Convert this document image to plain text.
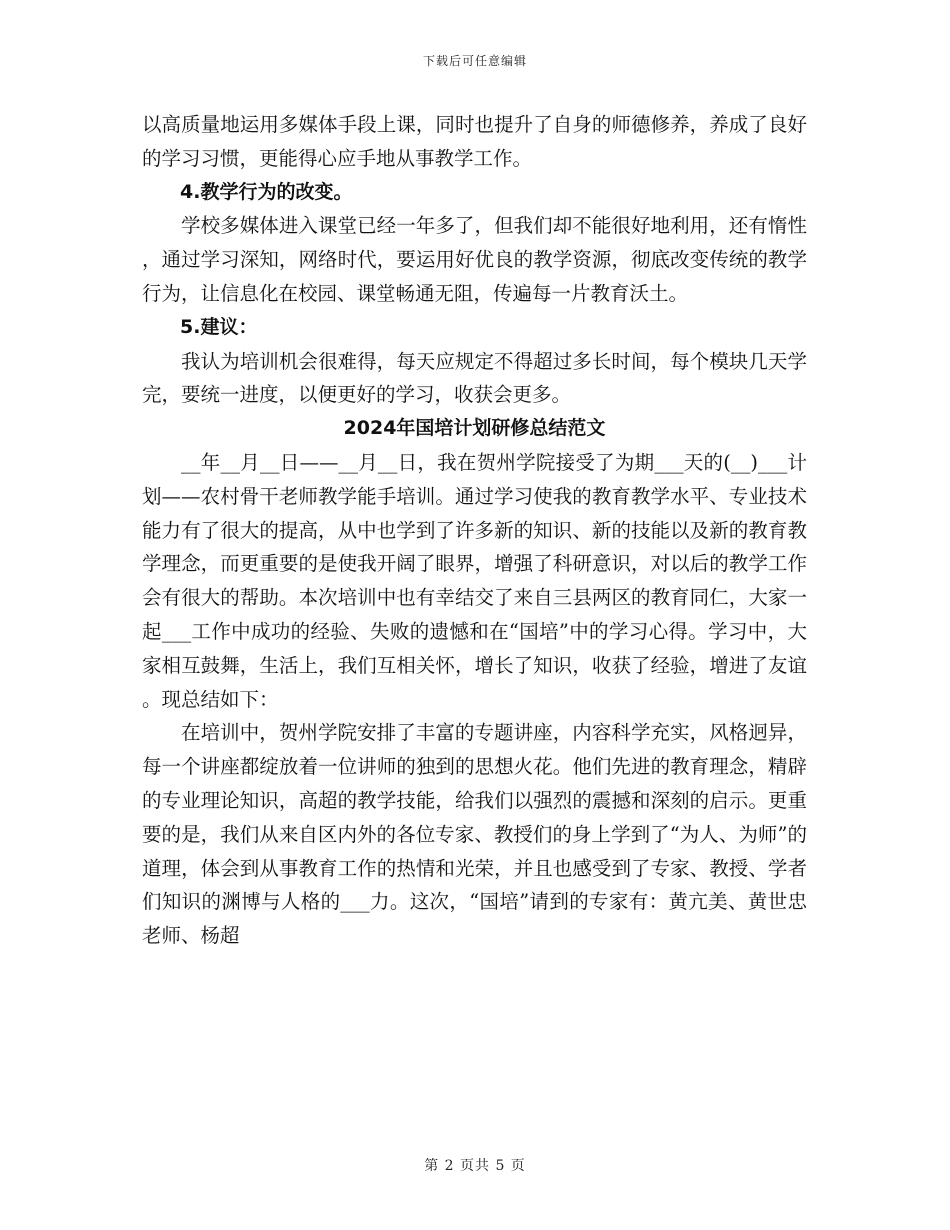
下载后可任意编辑

以高质量地运用多媒体手段上课，同时也提升了自身的师德修养，养成了良好的学习习惯，更能得心应手地从事教学工作。

4.教学行为的改变。

学校多媒体进入课堂已经一年多了，但我们却不能很好地利用，还有惰性，通过学习深知，网络时代，要运用好优良的教学资源，彻底改变传统的教学行为，让信息化在校园、课堂畅通无阻，传遍每一片教育沃土。

5.建议：

我认为培训机会很难得，每天应规定不得超过多长时间，每个模块几天学完，要统一进度，以便更好的学习，收获会更多。

2024年国培计划研修总结范文

__年__月__日——__月__日，我在贺州学院接受了为期___天的(__)___计划——农村骨干老师教学能手培训。通过学习使我的教育教学水平、专业技术能力有了很大的提高，从中也学到了许多新的知识、新的技能以及新的教育教学理念，而更重要的是使我开阔了眼界，增强了科研意识，对以后的教学工作会有很大的帮助。本次培训中也有幸结交了来自三县两区的教育同仁，大家一起___工作中成功的经验、失败的遗憾和在“国培”中的学习心得。学习中，大家相互鼓舞，生活上，我们互相关怀，增长了知识，收获了经验，增进了友谊。现总结如下：

在培训中，贺州学院安排了丰富的专题讲座，内容科学充实，风格迥异，每一个讲座都绽放着一位讲师的独到的思想火花。他们先进的教育理念，精辟的专业理论知识，高超的教学技能，给我们以强烈的震撼和深刻的启示。更重要的是，我们从来自区内外的各位专家、教授们的身上学到了“为人、为师”的道理，体会到从事教育工作的热情和光荣，并且也感受到了专家、教授、学者们知识的渊博与人格的___力。这次，“国培”请到的专家有：黄亢美、黄世忠老师、杨超

第 2 页共 5 页
